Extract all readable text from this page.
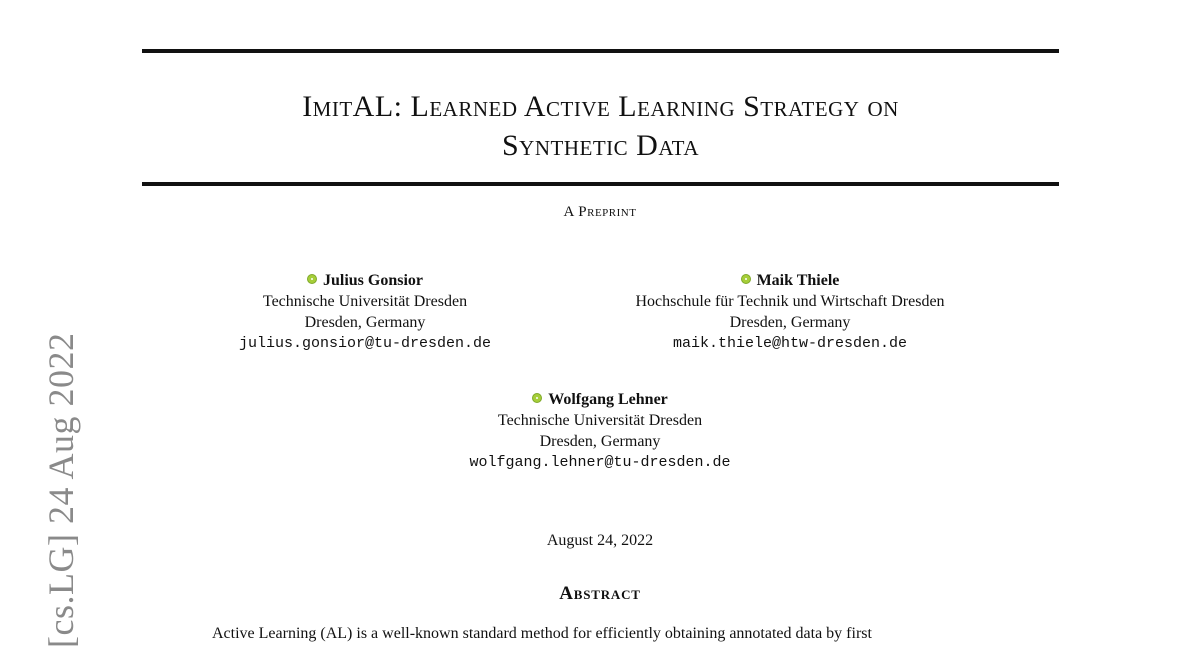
ImitAL: Learned Active Learning Strategy on
Synthetic Data
A Preprint
Julius Gonsior
Technische Universität Dresden
Dresden, Germany
julius.gonsior@tu-dresden.de
Maik Thiele
Hochschule für Technik und Wirtschaft Dresden
Dresden, Germany
maik.thiele@htw-dresden.de
Wolfgang Lehner
Technische Universität Dresden
Dresden, Germany
wolfgang.lehner@tu-dresden.de
August 24, 2022
Abstract
Active Learning (AL) is a well-known standard method for efficiently obtaining annotated data by first
[cs.LG] 24 Aug 2022
